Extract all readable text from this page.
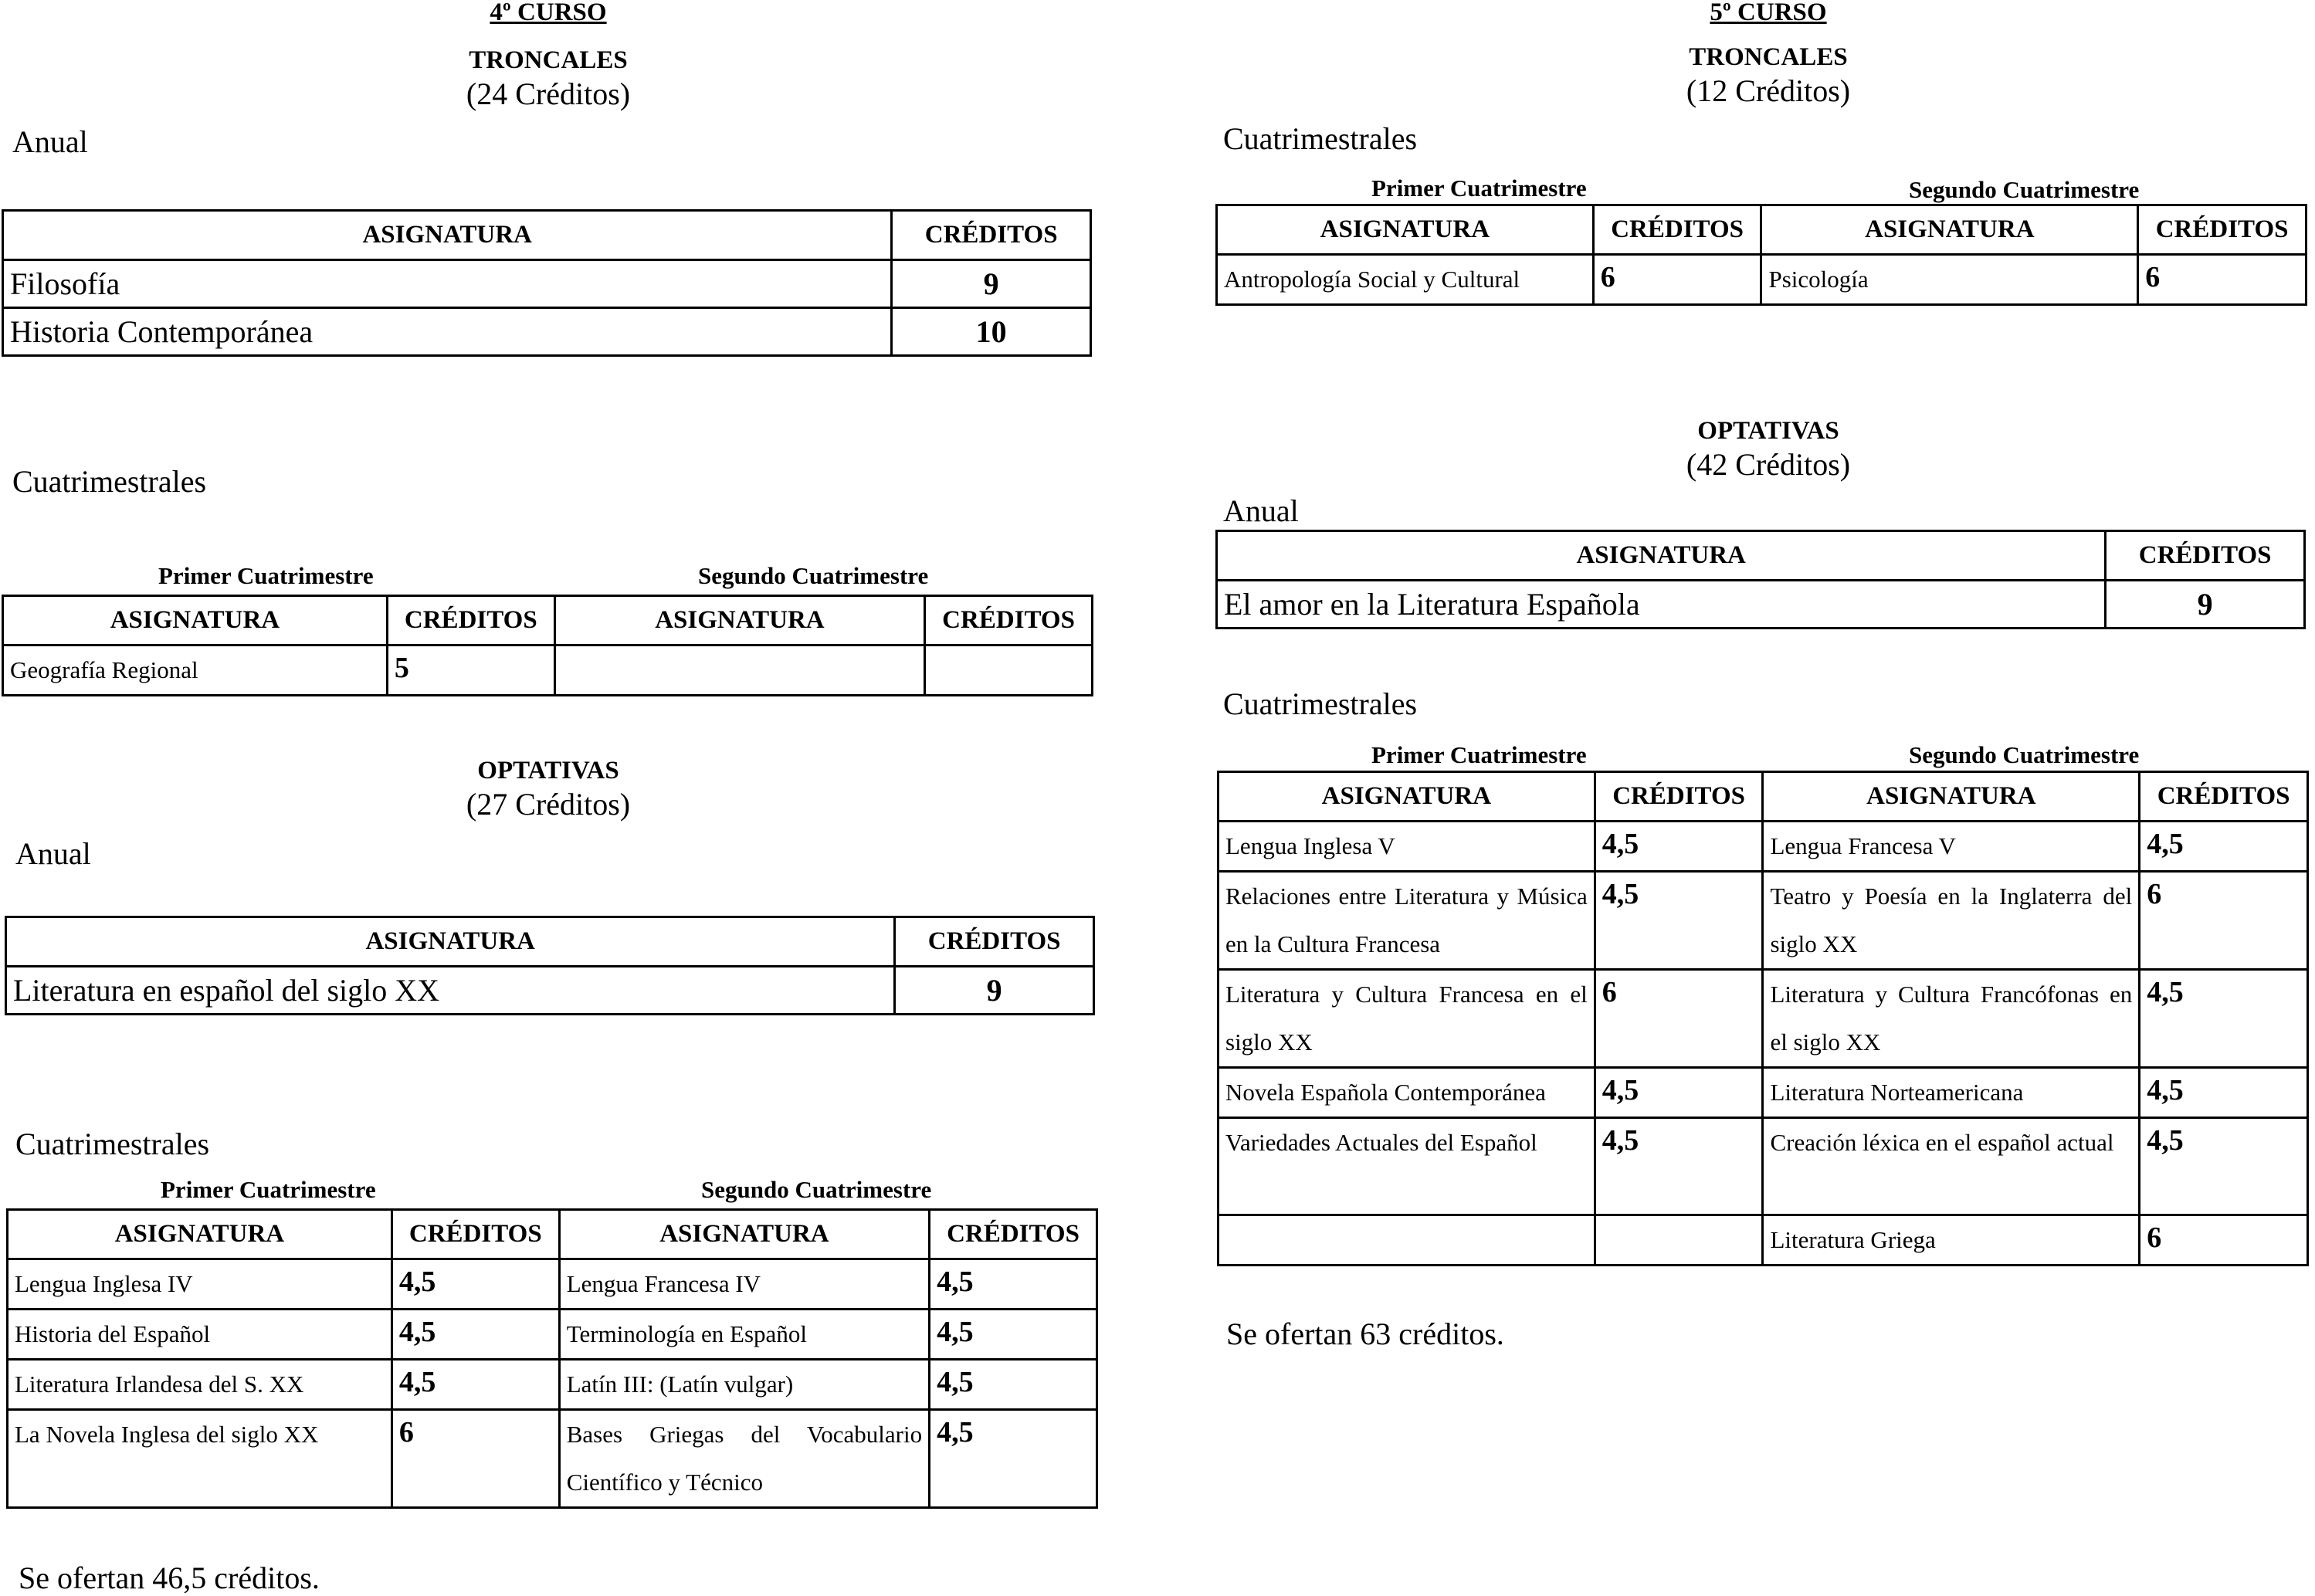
4º CURSO
TRONCALES
(24 Créditos)
Anual
ASIGNATURA	CRÉDITOS
Filosofía	9
Historia Contemporánea	10
Cuatrimestrales
Primer Cuatrimestre	Segundo Cuatrimestre
ASIGNATURA	CRÉDITOS	ASIGNATURA	CRÉDITOS
Geografía Regional	5		
OPTATIVAS
(27 Créditos)
Anual
ASIGNATURA	CRÉDITOS
Literatura en español del siglo XX	9
Cuatrimestrales
Primer Cuatrimestre	Segundo Cuatrimestre
ASIGNATURA	CRÉDITOS	ASIGNATURA	CRÉDITOS
Lengua Inglesa IV	4,5	Lengua Francesa IV	4,5
Historia del Español	4,5	Terminología en Español	4,5
Literatura Irlandesa del S. XX	4,5	Latín III: (Latín vulgar)	4,5
La Novela Inglesa del siglo XX	6	Bases Griegas del Vocabulario Científico y Técnico	4,5
Se ofertan 46,5 créditos.
5º CURSO
TRONCALES
(12 Créditos)
Cuatrimestrales
Primer Cuatrimestre	Segundo Cuatrimestre
ASIGNATURA	CRÉDITOS	ASIGNATURA	CRÉDITOS
Antropología Social y Cultural	6	Psicología	6
OPTATIVAS
(42 Créditos)
Anual
ASIGNATURA	CRÉDITOS
El amor en la Literatura Española	9
Cuatrimestrales
Primer Cuatrimestre	Segundo Cuatrimestre
ASIGNATURA	CRÉDITOS	ASIGNATURA	CRÉDITOS
Lengua Inglesa V	4,5	Lengua Francesa V	4,5
Relaciones entre Literatura y Música en la Cultura Francesa	4,5	Teatro y Poesía en la Inglaterra del siglo XX	6
Literatura y Cultura Francesa en el siglo XX	6	Literatura y Cultura Francófonas en el siglo XX	4,5
Novela Española Contemporánea	4,5	Literatura Norteamericana	4,5
Variedades Actuales del Español	4,5	Creación léxica en el español actual	4,5
		Literatura Griega	6
Se ofertan 63 créditos.
